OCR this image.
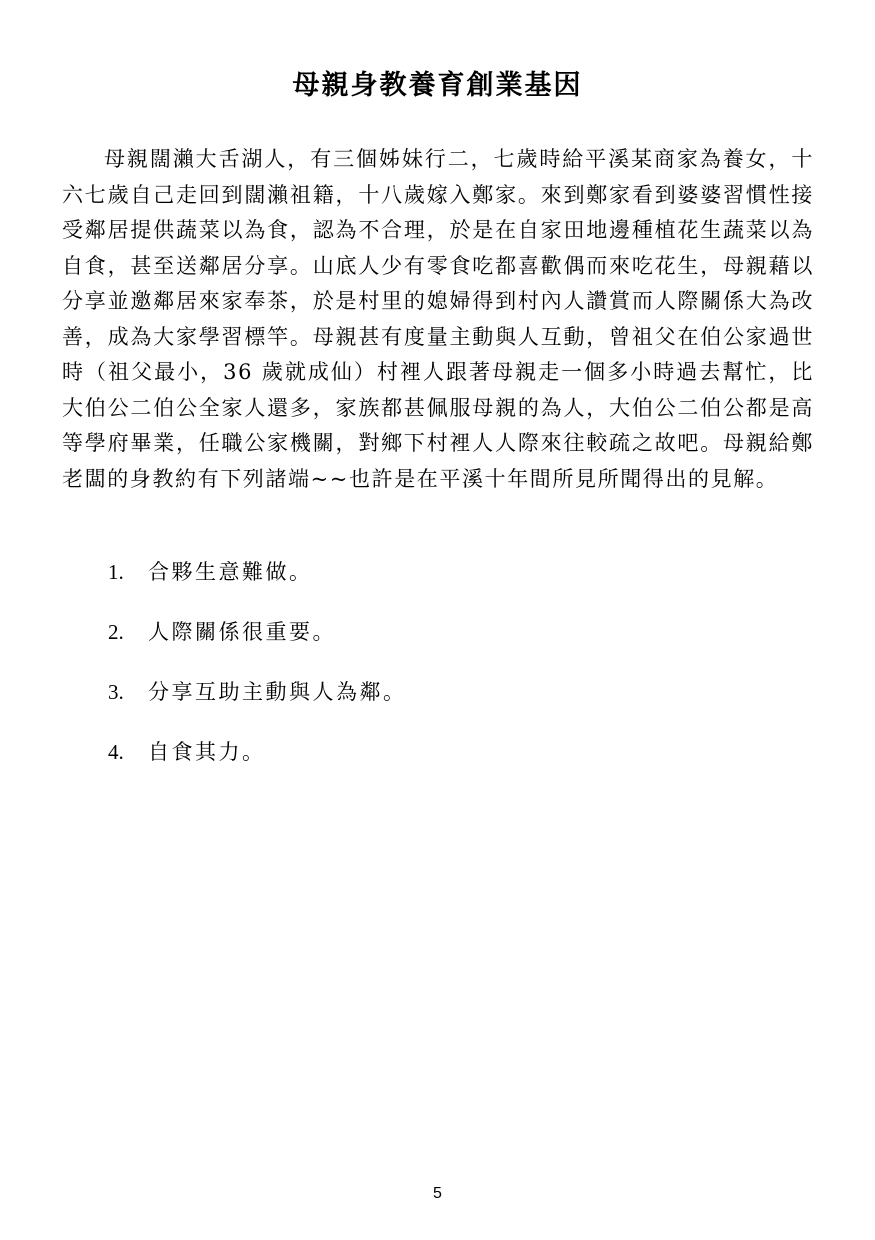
母親身教養育創業基因

母親闊瀨大舌湖人，有三個姊妹行二，七歲時給平溪某商家為養女，十六七歲自己走回到闊瀨祖籍，十八歲嫁入鄭家。來到鄭家看到婆婆習慣性接受鄰居提供蔬菜以為食，認為不合理，於是在自家田地邊種植花生蔬菜以為自食，甚至送鄰居分享。山底人少有零食吃都喜歡偶而來吃花生，母親藉以分享並邀鄰居來家奉茶，於是村里的媳婦得到村內人讚賞而人際關係大為改善，成為大家學習標竿。母親甚有度量主動與人互動，曾祖父在伯公家過世時（祖父最小，36 歲就成仙）村裡人跟著母親走一個多小時過去幫忙，比大伯公二伯公全家人還多，家族都甚佩服母親的為人，大伯公二伯公都是高等學府畢業，任職公家機關，對鄉下村裡人人際來往較疏之故吧。母親給鄭老闆的身教約有下列諸端~~也許是在平溪十年間所見所聞得出的見解。

1. 合夥生意難做。
2. 人際關係很重要。
3. 分享互助主動與人為鄰。
4. 自食其力。
5
